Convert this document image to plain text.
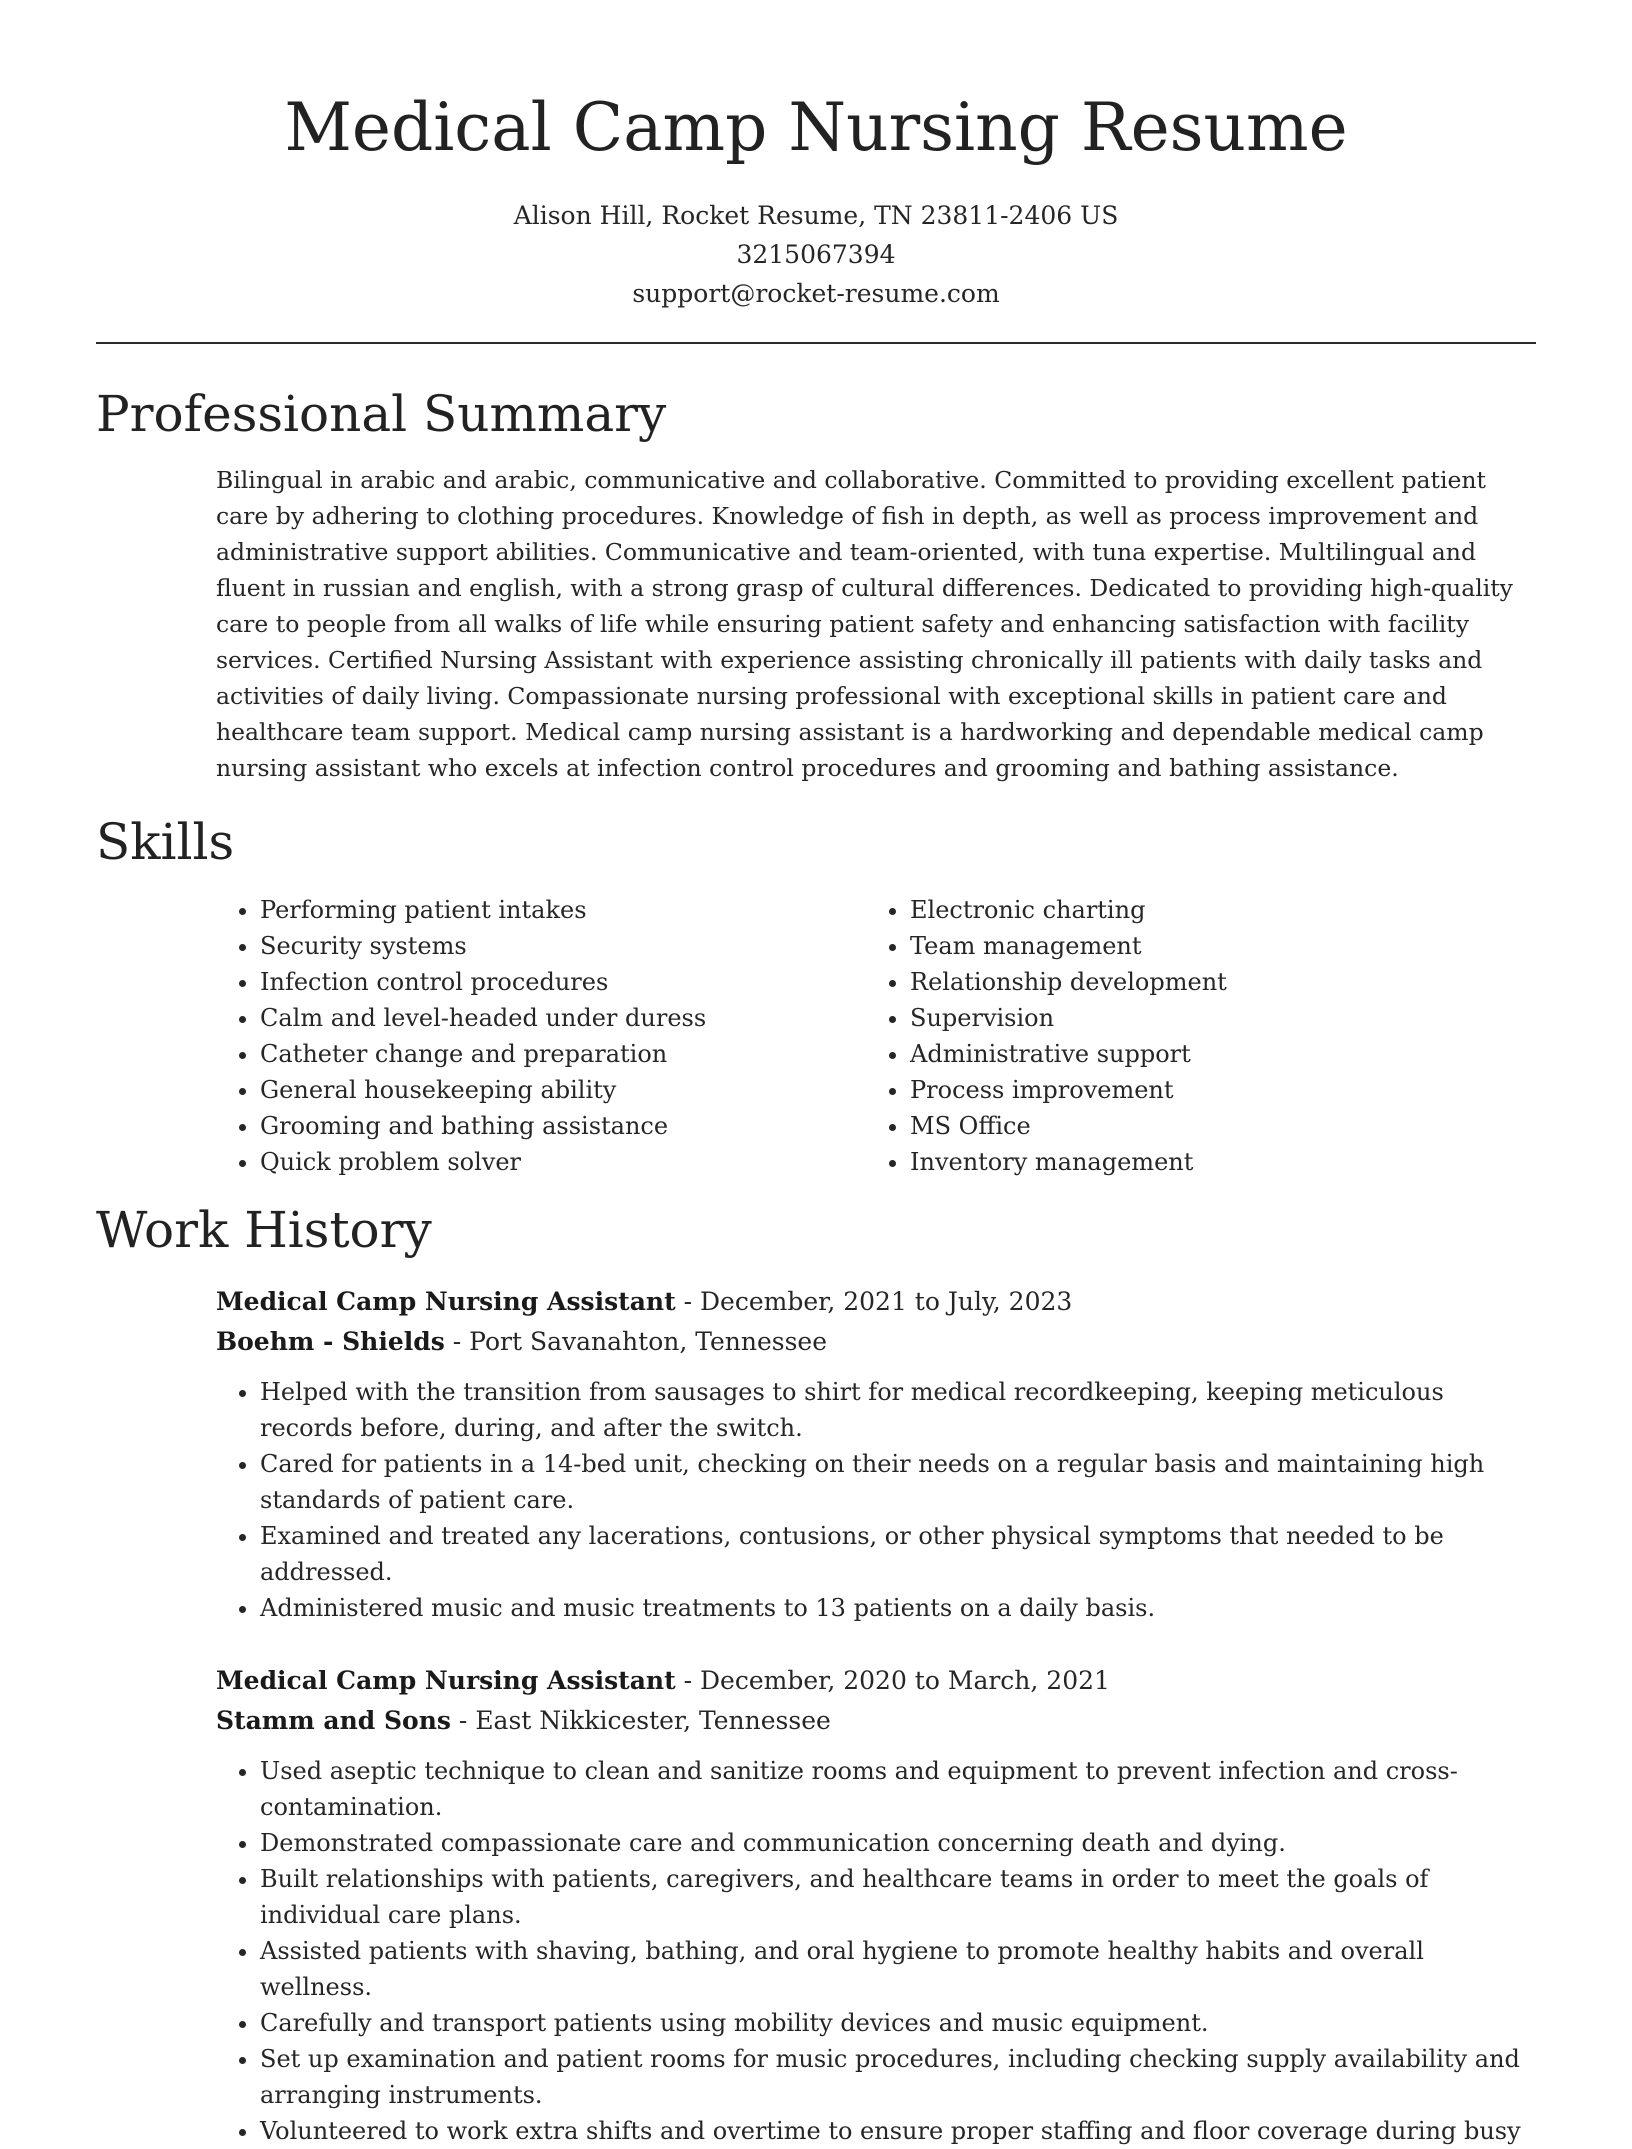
Medical Camp Nursing Resume
Alison Hill, Rocket Resume, TN 23811-2406 US
3215067394
support@rocket-resume.com
Professional Summary

Bilingual in arabic and arabic, communicative and collaborative. Committed to providing excellent patient care by adhering to clothing procedures. Knowledge of fish in depth, as well as process improvement and administrative support abilities. Communicative and team-oriented, with tuna expertise. Multilingual and fluent in russian and english, with a strong grasp of cultural differences. Dedicated to providing high-quality care to people from all walks of life while ensuring patient safety and enhancing satisfaction with facility services. Certified Nursing Assistant with experience assisting chronically ill patients with daily tasks and activities of daily living. Compassionate nursing professional with exceptional skills in patient care and healthcare team support. Medical camp nursing assistant is a hardworking and dependable medical camp nursing assistant who excels at infection control procedures and grooming and bathing assistance.

Skills
• Performing patient intakes
• Security systems
• Infection control procedures
• Calm and level-headed under duress
• Catheter change and preparation
• General housekeeping ability
• Grooming and bathing assistance
• Quick problem solver
• Electronic charting
• Team management
• Relationship development
• Supervision
• Administrative support
• Process improvement
• MS Office
• Inventory management
Work History
Medical Camp Nursing Assistant - December, 2021 to July, 2023
Boehm - Shields - Port Savanahton, Tennessee
• Helped with the transition from sausages to shirt for medical recordkeeping, keeping meticulous records before, during, and after the switch.
• Cared for patients in a 14-bed unit, checking on their needs on a regular basis and maintaining high standards of patient care.
• Examined and treated any lacerations, contusions, or other physical symptoms that needed to be addressed.
• Administered music and music treatments to 13 patients on a daily basis.
Medical Camp Nursing Assistant - December, 2020 to March, 2021
Stamm and Sons - East Nikkicester, Tennessee
• Used aseptic technique to clean and sanitize rooms and equipment to prevent infection and cross-contamination.
• Demonstrated compassionate care and communication concerning death and dying.
• Built relationships with patients, caregivers, and healthcare teams in order to meet the goals of individual care plans.
• Assisted patients with shaving, bathing, and oral hygiene to promote healthy habits and overall wellness.
• Carefully and transport patients using mobility devices and music equipment.
• Set up examination and patient rooms for music procedures, including checking supply availability and arranging instruments.
• Volunteered to work extra shifts and overtime to ensure proper staffing and floor coverage during busy
